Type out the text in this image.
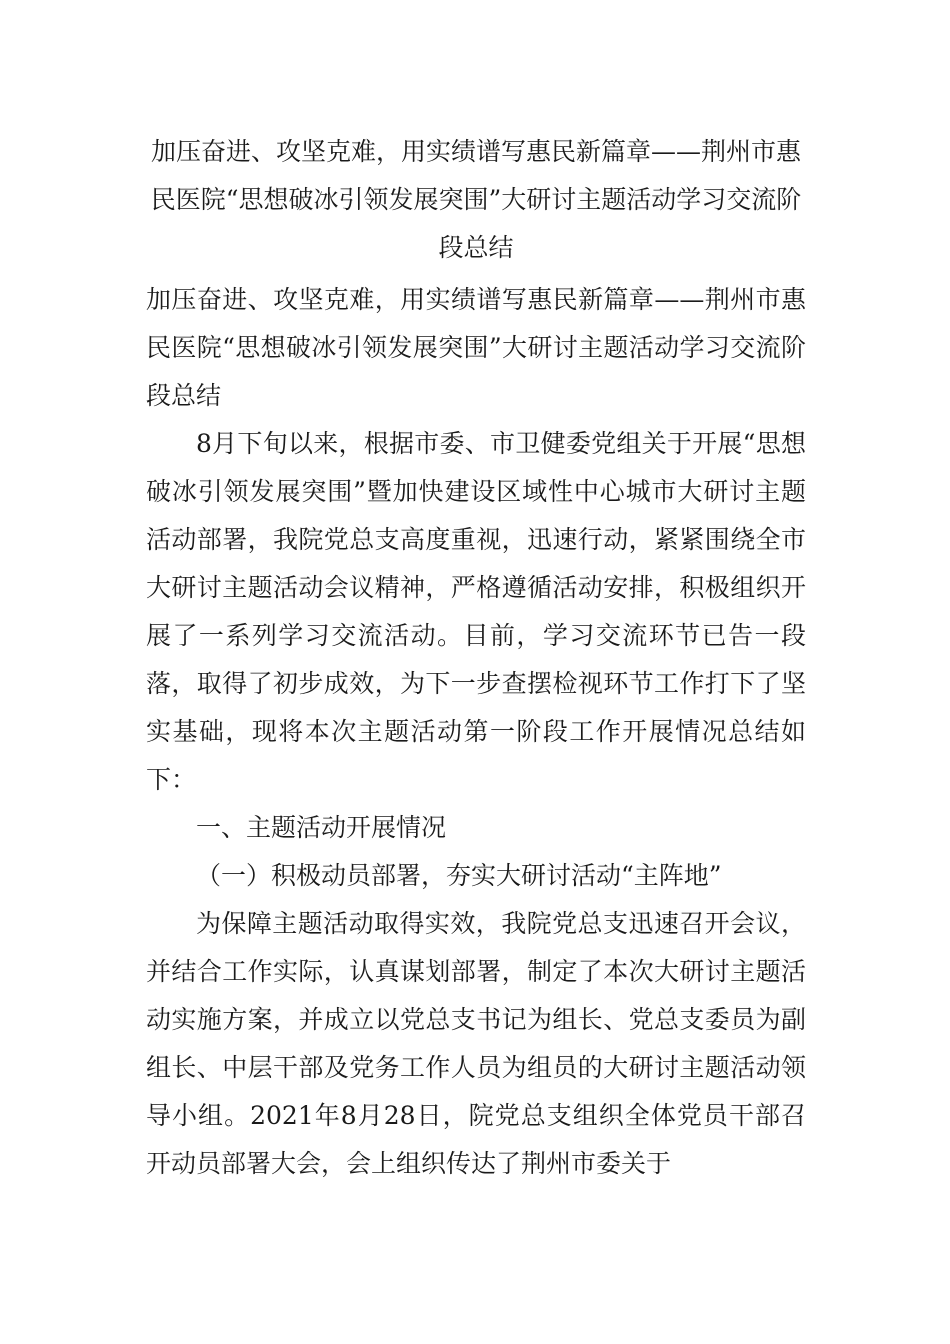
加压奋进、攻坚克难，用实绩谱写惠民新篇章——荆州市惠民医院“思想破冰引领发展突围”大研讨主题活动学习交流阶段总结

加压奋进、攻坚克难，用实绩谱写惠民新篇章——荆州市惠民医院“思想破冰引领发展突围”大研讨主题活动学习交流阶段总结

8月下旬以来，根据市委、市卫健委党组关于开展“思想破冰引领发展突围”暨加快建设区域性中心城市大研讨主题活动部署，我院党总支高度重视，迅速行动，紧紧围绕全市大研讨主题活动会议精神，严格遵循活动安排，积极组织开展了一系列学习交流活动。目前，学习交流环节已告一段落，取得了初步成效，为下一步查摆检视环节工作打下了坚实基础，现将本次主题活动第一阶段工作开展情况总结如下：

一、主题活动开展情况

（一）积极动员部署，夯实大研讨活动“主阵地”

为保障主题活动取得实效，我院党总支迅速召开会议，并结合工作实际，认真谋划部署，制定了本次大研讨主题活动实施方案，并成立以党总支书记为组长、党总支委员为副组长、中层干部及党务工作人员为组员的大研讨主题活动领导小组。2021年8月28日，院党总支组织全体党员干部召开动员部署大会，会上组织传达了荆州市委关于
